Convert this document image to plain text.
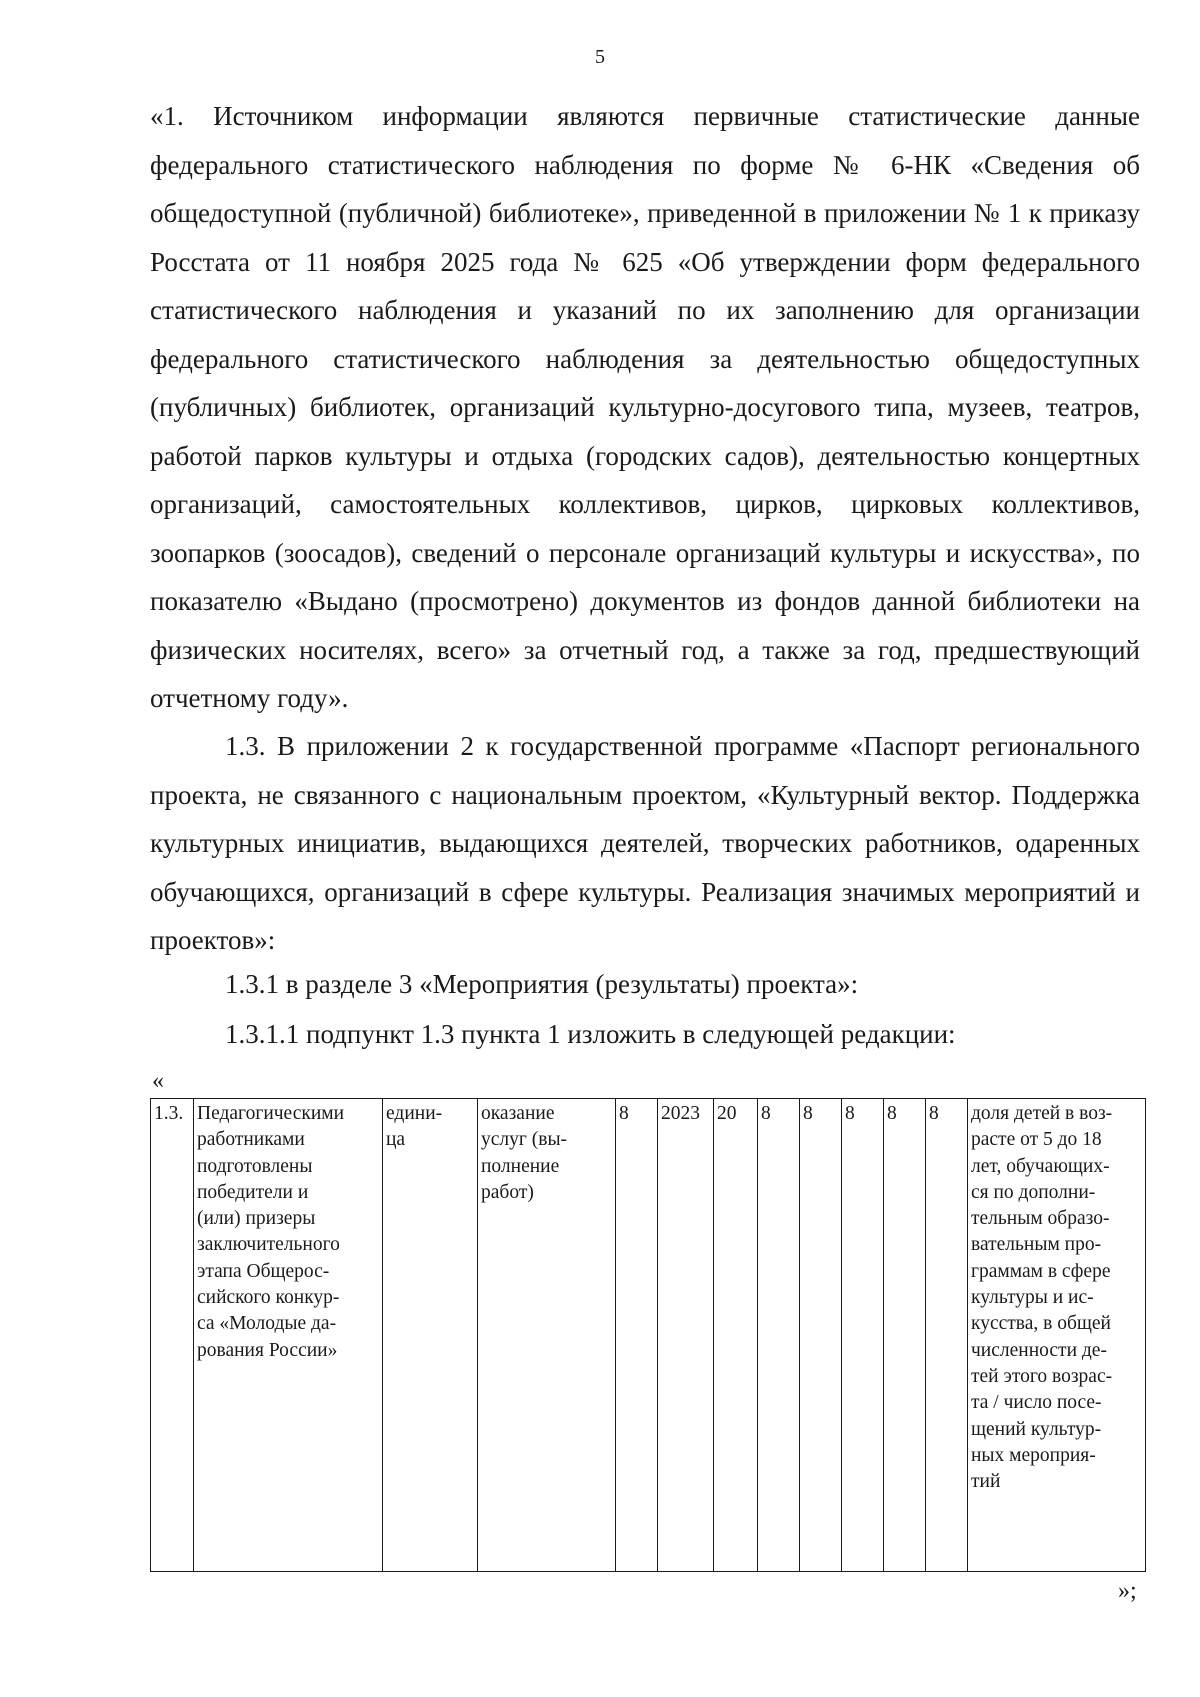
5
«1. Источником информации являются первичные статистические данные федерального статистического наблюдения по форме № 6-НК «Сведения об общедоступной (публичной) библиотеке», приведенной в приложении № 1 к приказу Росстата от 11 ноября 2025 года № 625 «Об утверждении форм федерального статистического наблюдения и указаний по их заполнению для организации федерального статистического наблюдения за деятельностью общедоступных (публичных) библиотек, организаций культурно-досугового типа, музеев, театров, работой парков культуры и отдыха (городских садов), деятельностью концертных организаций, самостоятельных коллективов, цирков, цирковых коллективов, зоопарков (зоосадов), сведений о персонале организаций культуры и искусства», по показателю «Выдано (просмотрено) документов из фондов данной библиотеки на физических носителях, всего» за отчетный год, а также за год, предшествующий отчетному году».
1.3. В приложении 2 к государственной программе «Паспорт регионального проекта, не связанного с национальным проектом, «Культурный вектор. Поддержка культурных инициатив, выдающихся деятелей, творческих работников, одаренных обучающихся, организаций в сфере культуры. Реализация значимых мероприятий и проектов»:
1.3.1 в разделе 3 «Мероприятия (результаты) проекта»:
1.3.1.1 подпункт 1.3 пункта 1 изложить в следующей редакции:
«
1.3.	Педагогическими
работниками
подготовлены
победители и
(или) призеры
заключительного
этапа Общерос-
сийского конкур-
са «Молодые да-
рования России»	едини-
ца	оказание
услуг (вы-
полнение
работ)	8	2023	20	8	8	8	8	8	доля детей в воз-
расте от 5 до 18
лет, обучающих-
ся по дополни-
тельным образо-
вательным про-
граммам в сфере
культуры и ис-
кусства, в общей
численности де-
тей этого возрас-
та / число посе-
щений культур-
ных мероприя-
тий
»;
